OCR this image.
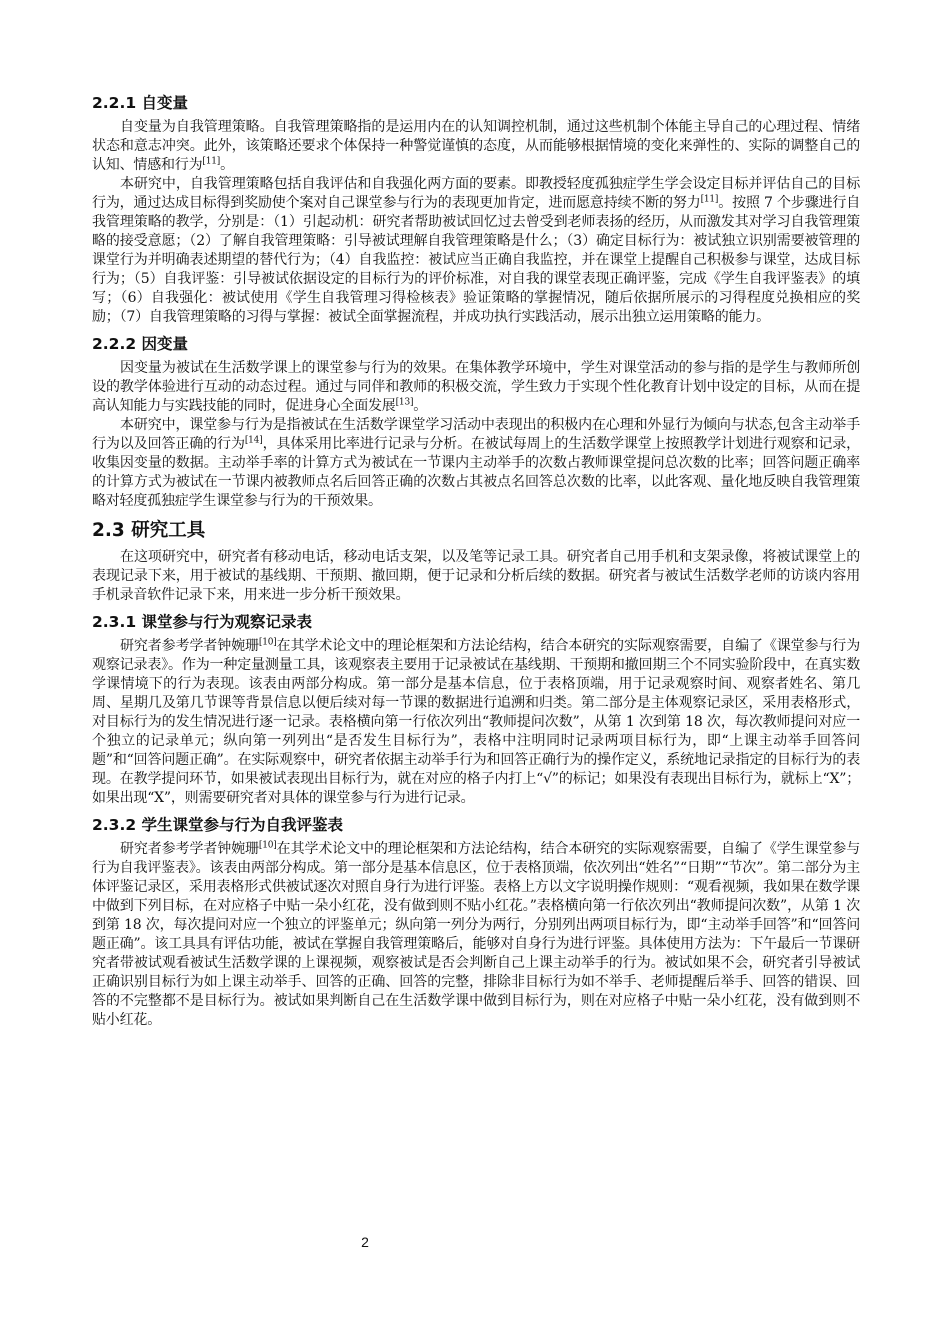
2.2.1 自变量

自变量为自我管理策略。自我管理策略指的是运用内在的认知调控机制，通过这些机制个体能主导自己的心理过程、情绪状态和意志冲突。此外，该策略还要求个体保持一种警觉谨慎的态度，从而能够根据情境的变化来弹性的、实际的调整自己的认知、情感和行为[11]。

本研究中，自我管理策略包括自我评估和自我强化两方面的要素。即教授轻度孤独症学生学会设定目标并评估自己的目标行为，通过达成目标得到奖励使个案对自己课堂参与行为的表现更加肯定，进而愿意持续不断的努力[11]。按照 7 个步骤进行自我管理策略的教学，分别是：（1）引起动机：研究者帮助被试回忆过去曾受到老师表扬的经历，从而激发其对学习自我管理策略的接受意愿；（2）了解自我管理策略：引导被试理解自我管理策略是什么；（3）确定目标行为：被试独立识别需要被管理的课堂行为并明确表述期望的替代行为；（4）自我监控：被试应当正确自我监控，并在课堂上提醒自己积极参与课堂，达成目标行为；（5）自我评鉴：引导被试依据设定的目标行为的评价标准，对自我的课堂表现正确评鉴，完成《学生自我评鉴表》的填写；（6）自我强化：被试使用《学生自我管理习得检核表》验证策略的掌握情况，随后依据所展示的习得程度兑换相应的奖励；（7）自我管理策略的习得与掌握：被试全面掌握流程，并成功执行实践活动，展示出独立运用策略的能力。

2.2.2 因变量

因变量为被试在生活数学课上的课堂参与行为的效果。在集体教学环境中，学生对课堂活动的参与指的是学生与教师所创设的教学体验进行互动的动态过程。通过与同伴和教师的积极交流，学生致力于实现个性化教育计划中设定的目标，从而在提高认知能力与实践技能的同时，促进身心全面发展[13]。

本研究中，课堂参与行为是指被试在生活数学课堂学习活动中表现出的积极内在心理和外显行为倾向与状态,包含主动举手行为以及回答正确的行为[14]，具体采用比率进行记录与分析。在被试每周上的生活数学课堂上按照教学计划进行观察和记录，收集因变量的数据。主动举手率的计算方式为被试在一节课内主动举手的次数占教师课堂提问总次数的比率；回答问题正确率的计算方式为被试在一节课内被教师点名后回答正确的次数占其被点名回答总次数的比率，以此客观、量化地反映自我管理策略对轻度孤独症学生课堂参与行为的干预效果。

2.3 研究工具

在这项研究中，研究者有移动电话，移动电话支架，以及笔等记录工具。研究者自己用手机和支架录像，将被试课堂上的表现记录下来，用于被试的基线期、干预期、撤回期，便于记录和分析后续的数据。研究者与被试生活数学老师的访谈内容用手机录音软件记录下来，用来进一步分析干预效果。

2.3.1 课堂参与行为观察记录表

研究者参考学者钟婉珊[10]在其学术论文中的理论框架和方法论结构，结合本研究的实际观察需要，自编了《课堂参与行为观察记录表》。作为一种定量测量工具，该观察表主要用于记录被试在基线期、干预期和撤回期三个不同实验阶段中，在真实数学课情境下的行为表现。该表由两部分构成。第一部分是基本信息，位于表格顶端，用于记录观察时间、观察者姓名、第几周、星期几及第几节课等背景信息以便后续对每一节课的数据进行追溯和归类。第二部分是主体观察记录区，采用表格形式，对目标行为的发生情况进行逐一记录。表格横向第一行依次列出“教师提问次数”，从第 1 次到第 18 次，每次教师提问对应一个独立的记录单元；纵向第一列列出“是否发生目标行为”，表格中注明同时记录两项目标行为，即“上课主动举手回答问题”和“回答问题正确”。在实际观察中，研究者依据主动举手行为和回答正确行为的操作定义，系统地记录指定的目标行为的表现。在教学提问环节，如果被试表现出目标行为，就在对应的格子内打上“√”的标记；如果没有表现出目标行为，就标上“X”；如果出现“X”，则需要研究者对具体的课堂参与行为进行记录。

2.3.2 学生课堂参与行为自我评鉴表

研究者参考学者钟婉珊[10]在其学术论文中的理论框架和方法论结构，结合本研究的实际观察需要，自编了《学生课堂参与行为自我评鉴表》。该表由两部分构成。第一部分是基本信息区，位于表格顶端，依次列出“姓名”“日期”“节次”。第二部分为主体评鉴记录区，采用表格形式供被试逐次对照自身行为进行评鉴。表格上方以文字说明操作规则：“观看视频，我如果在数学课中做到下列目标，在对应格子中贴一朵小红花，没有做到则不贴小红花。”表格横向第一行依次列出“教师提问次数”，从第 1 次到第 18 次，每次提问对应一个独立的评鉴单元；纵向第一列分为两行，分别列出两项目标行为，即“主动举手回答”和“回答问题正确”。该工具具有评估功能，被试在掌握自我管理策略后，能够对自身行为进行评鉴。具体使用方法为：下午最后一节课研究者带被试观看被试生活数学课的上课视频，观察被试是否会判断自己上课主动举手的行为。被试如果不会，研究者引导被试正确识别目标行为如上课主动举手、回答的正确、回答的完整，排除非目标行为如不举手、老师提醒后举手、回答的错误、回答的不完整都不是目标行为。被试如果判断自己在生活数学课中做到目标行为，则在对应格子中贴一朵小红花，没有做到则不贴小红花。

2
